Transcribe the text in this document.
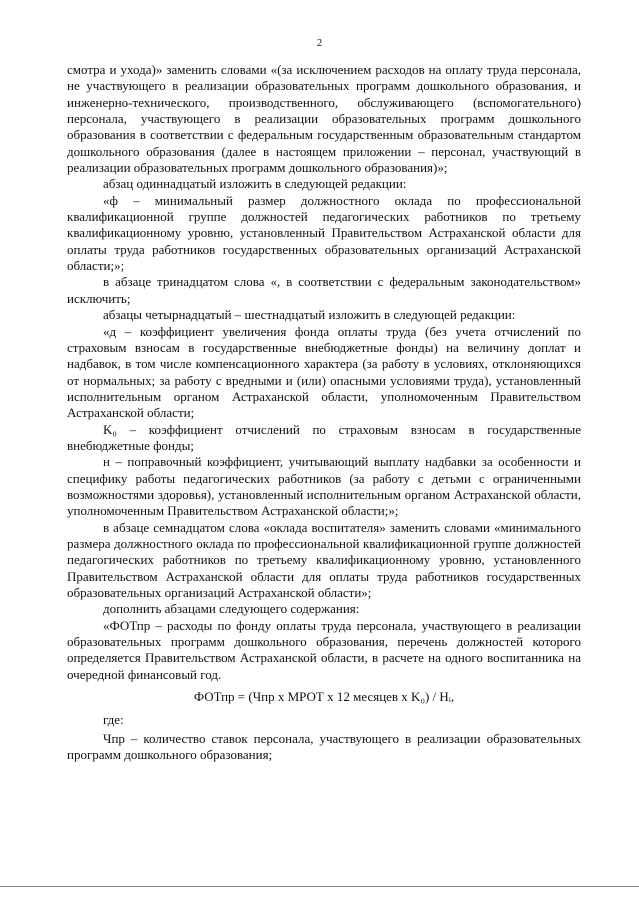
2

смотра и ухода)» заменить словами «(за исключением расходов на оплату труда персонала, не участвующего в реализации образовательных программ дошкольного образования, и инженерно-технического, производственного, обслуживающего (вспомогательного) персонала, участвующего в реализации образовательных программ дошкольного образования в соответствии с федеральным государственным образовательным стандартом дошкольного образования (далее в настоящем приложении – персонал, участвующий в реализации образовательных программ дошкольного образования)»;

абзац одиннадцатый изложить в следующей редакции:

«ф – минимальный размер должностного оклада по профессиональной квалификационной группе должностей педагогических работников по третьему квалификационному уровню, установленный Правительством Астраханской области для оплаты труда работников государственных образовательных организаций Астраханской области;»;

в абзаце тринадцатом слова «, в соответствии с федеральным законодательством» исключить;

абзацы четырнадцатый – шестнадцатый изложить в следующей редакции:

«д – коэффициент увеличения фонда оплаты труда (без учета отчислений по страховым взносам в государственные внебюджетные фонды) на величину доплат и надбавок, в том числе компенсационного характера (за работу в условиях, отклоняющихся от нормальных; за работу с вредными и (или) опасными условиями труда), установленный исполнительным органом Астраханской области, уполномоченным Правительством Астраханской области;

K₀ – коэффициент отчислений по страховым взносам в государственные внебюджетные фонды;

н – поправочный коэффициент, учитывающий выплату надбавки за особенности и специфику работы педагогических работников (за работу с детьми с ограниченными возможностями здоровья), установленный исполнительным органом Астраханской области, уполномоченным Правительством Астраханской области;»;

в абзаце семнадцатом слова «оклада воспитателя» заменить словами «минимального размера должностного оклада по профессиональной квалификационной группе должностей педагогических работников по третьему квалификационному уровню, установленного Правительством Астраханской области для оплаты труда работников государственных образовательных организаций Астраханской области»;

дополнить абзацами следующего содержания:

«ФОТпр – расходы по фонду оплаты труда персонала, участвующего в реализации образовательных программ дошкольного образования, перечень должностей которого определяется Правительством Астраханской области, в расчете на одного воспитанника на очередной финансовый год.

ФОТпр = (Чпр х МРОТ х 12 месяцев х K₀) / Hᵢ,

где:

Чпр – количество ставок персонала, участвующего в реализации образовательных программ дошкольного образования;
